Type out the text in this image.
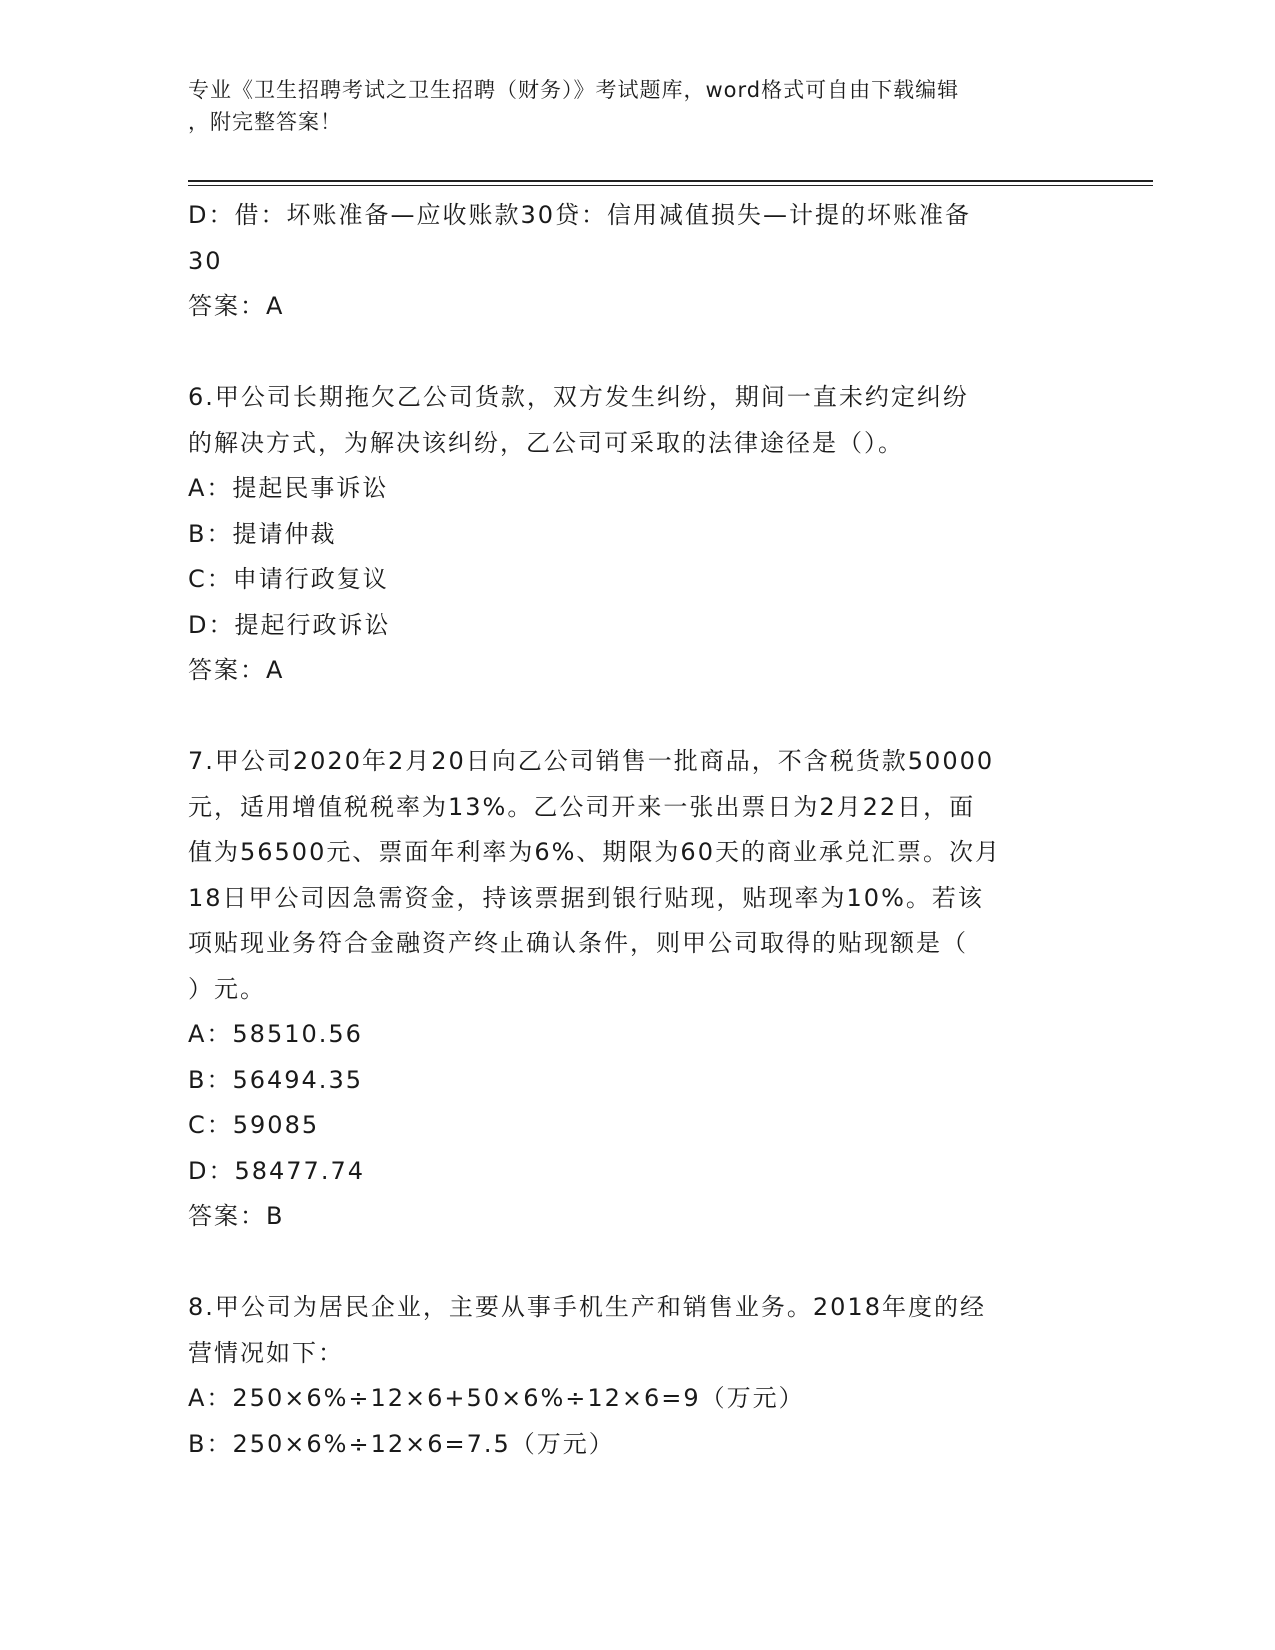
专业《卫生招聘考试之卫生招聘（财务）》考试题库，word格式可自由下载编辑
，附完整答案！
D：借：坏账准备—应收账款30贷：信用减值损失—计提的坏账准备
30
答案：A
6.甲公司长期拖欠乙公司货款，双方发生纠纷，期间一直未约定纠纷
的解决方式，为解决该纠纷，乙公司可采取的法律途径是（）。
A：提起民事诉讼
B：提请仲裁
C：申请行政复议
D：提起行政诉讼
答案：A
7.甲公司2020年2月20日向乙公司销售一批商品，不含税货款50000
元，适用增值税税率为13%。乙公司开来一张出票日为2月22日，面
值为56500元、票面年利率为6%、期限为60天的商业承兑汇票。次月
18日甲公司因急需资金，持该票据到银行贴现，贴现率为10%。若该
项贴现业务符合金融资产终止确认条件，则甲公司取得的贴现额是（
）元。
A：58510.56
B：56494.35
C：59085
D：58477.74
答案：B
8.甲公司为居民企业，主要从事手机生产和销售业务。2018年度的经
营情况如下：
A：250×6%÷12×6+50×6%÷12×6=9（万元）
B：250×6%÷12×6=7.5（万元）
